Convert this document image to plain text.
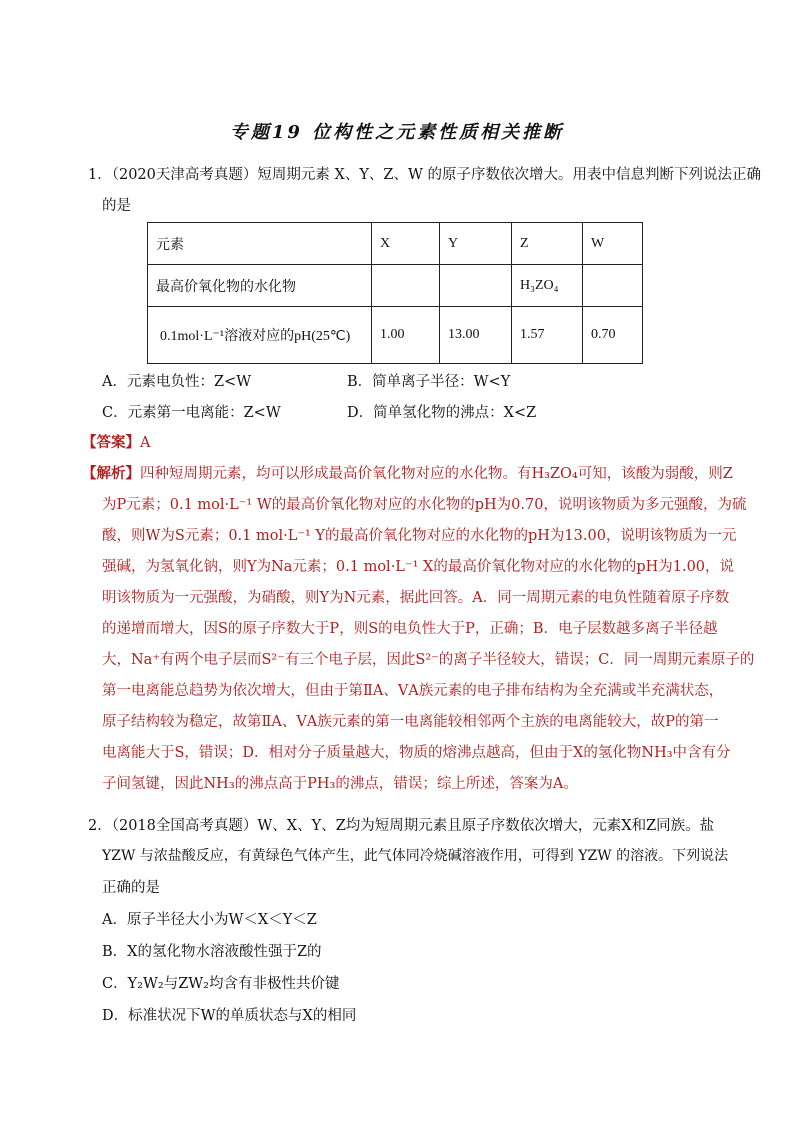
专题19 位构性之元素性质相关推断
1．（2020天津高考真题）短周期元素 X、Y、Z、W 的原子序数依次增大。用表中信息判断下列说法正确
的是
元素	X	Y	Z	W
最高价氧化物的水化物			H₃ZO₄	
0.1mol·L⁻¹溶液对应的pH(25℃)	1.00	13.00	1.57	0.70
A．元素电负性：Z<W	B．简单离子半径：W<Y
C．元素第一电离能：Z<W	D．简单氢化物的沸点：X<Z
【答案】A
【解析】四种短周期元素，均可以形成最高价氧化物对应的水化物。有H₃ZO₄可知，该酸为弱酸，则Z
为P元素；0.1 mol·L⁻¹ W的最高价氧化物对应的水化物的pH为0.70，说明该物质为多元强酸，为硫
酸，则W为S元素；0.1 mol·L⁻¹ Y的最高价氧化物对应的水化物的pH为13.00，说明该物质为一元
强碱，为氢氧化钠，则Y为Na元素；0.1 mol·L⁻¹ X的最高价氧化物对应的水化物的pH为1.00，说
明该物质为一元强酸，为硝酸，则Y为N元素，据此回答。A．同一周期元素的电负性随着原子序数
的递增而增大，因S的原子序数大于P，则S的电负性大于P，正确；B．电子层数越多离子半径越
大，Na⁺有两个电子层而S²⁻有三个电子层，因此S²⁻的离子半径较大，错误；C．同一周期元素原子的
第一电离能总趋势为依次增大，但由于第ⅡA、ⅤA族元素的电子排布结构为全充满或半充满状态，
原子结构较为稳定，故第ⅡA、ⅤA族元素的第一电离能较相邻两个主族的电离能较大，故P的第一
电离能大于S，错误；D．相对分子质量越大，物质的熔沸点越高，但由于X的氢化物NH₃中含有分
子间氢键，因此NH₃的沸点高于PH₃的沸点，错误；综上所述，答案为A。
2．（2018全国高考真题）W、X、Y、Z均为短周期元素且原子序数依次增大，元素X和Z同族。盐
YZW 与浓盐酸反应，有黄绿色气体产生，此气体同冷烧碱溶液作用，可得到 YZW 的溶液。下列说法
正确的是
A．原子半径大小为W＜X＜Y＜Z
B．X的氢化物水溶液酸性强于Z的
C．Y₂W₂与ZW₂均含有非极性共价键
D．标准状况下W的单质状态与X的相同
